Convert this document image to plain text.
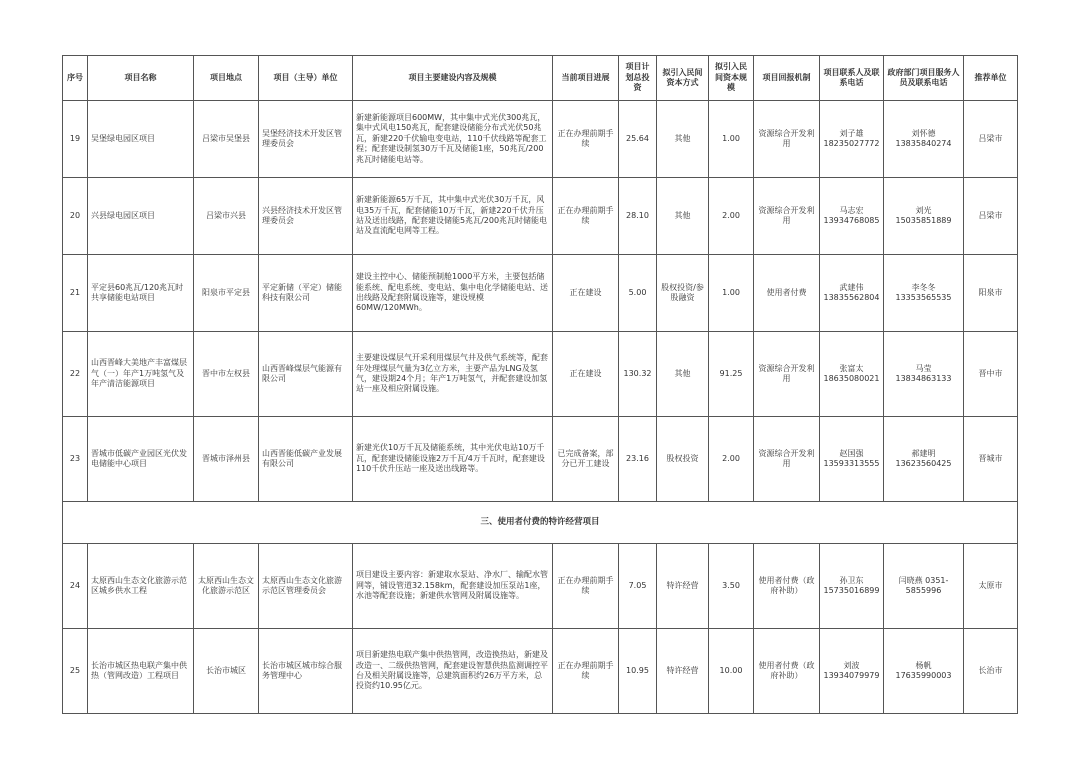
序号	项目名称	项目地点	项目（主导）单位	项目主要建设内容及规模	当前项目进展	项目计划总投资	拟引入民间资本方式	拟引入民间资本规模	项目回报机制	项目联系人及联系电话	政府部门项目服务人员及联系电话	推荐单位
19	吴堡绿电园区项目	吕梁市吴堡县	吴堡经济技术开发区管理委员会	新建新能源项目600MW，其中集中式光伏300兆瓦，集中式风电150兆瓦，配套建设储能分布式光伏50兆瓦，新建220千伏输电变电站，110千伏线路等配套工程；配套建设制氢30万千瓦及储能1座，50兆瓦/200兆瓦时储能电站等。	正在办理前期手续	25.64	其他	1.00	资源综合开发利用	刘子雄 18235027772	刘怀德 13835840274	吕梁市
20	兴县绿电园区项目	吕梁市兴县	兴县经济技术开发区管理委员会	新建新能源65万千瓦，其中集中式光伏30万千瓦，风电35万千瓦，配套储能10万千瓦，新建220千伏升压站及送出线路，配套建设储能5兆瓦/200兆瓦时储能电站及直流配电网等工程。	正在办理前期手续	28.10	其他	2.00	资源综合开发利用	马志宏 13934768085	刘光 15035851889	吕梁市
21	平定县60兆瓦/120兆瓦时共享储能电站项目	阳泉市平定县	平定新储（平定）储能科技有限公司	建设主控中心、储能预制舱1000平方米，主要包括储能系统、配电系统、变电站、集中电化学储能电站、送出线路及配套附属设施等，建设规模60MW/120MWh。	正在建设	5.00	股权投资/参股融资	1.00	使用者付费	武建伟 13835562804	李冬冬 13353565535	阳泉市
22	山西晋峰大美地产丰富煤层气（一）年产1万吨氢气及年产清洁能源项目	晋中市左权县	山西晋峰煤层气能源有限公司	主要建设煤层气开采利用煤层气井及供气系统等，配套年处理煤层气量为3亿立方米，主要产品为LNG及氢气，建设期24个月；年产1万吨氢气，并配套建设加氢站一座及相应附属设施。	正在建设	130.32	其他	91.25	资源综合开发利用	张富太 18635080021	马莹 13834863133	晋中市
23	晋城市低碳产业园区光伏发电储能中心项目	晋城市泽州县	山西晋能低碳产业发展有限公司	新建光伏10万千瓦及储能系统，其中光伏电站10万千瓦，配套建设储能设施2万千瓦/4万千瓦时，配套建设110千伏升压站一座及送出线路等。	已完成备案，部分已开工建设	23.16	股权投资	2.00	资源综合开发利用	赵国强 13593313555	郝建明 13623560425	晋城市
三、使用者付费的特许经营项目												
24	太原西山生态文化旅游示范区城乡供水工程	太原西山生态文化旅游示范区	太原西山生态文化旅游示范区管理委员会	项目建设主要内容：新建取水泵站、净水厂、输配水管网等，铺设管道32.158km，配套建设加压泵站1座，水池等配套设施；新建供水管网及附属设施等。	正在办理前期手续	7.05	特许经营	3.50	使用者付费（政府补助）	孙卫东 15735016899	闫晓燕 0351-5855996	太原市
25	长治市城区热电联产集中供热（管网改造）工程项目	长治市城区	长治市城区城市综合服务管理中心	项目新建热电联产集中供热管网，改造换热站，新建及改造一、二级供热管网，配套建设智慧供热监测调控平台及相关附属设施等，总建筑面积约26万平方米，总投资约10.95亿元。	正在办理前期手续	10.95	特许经营	10.00	使用者付费（政府补助）	刘波 13934079979	杨帆 17635990003	长治市
